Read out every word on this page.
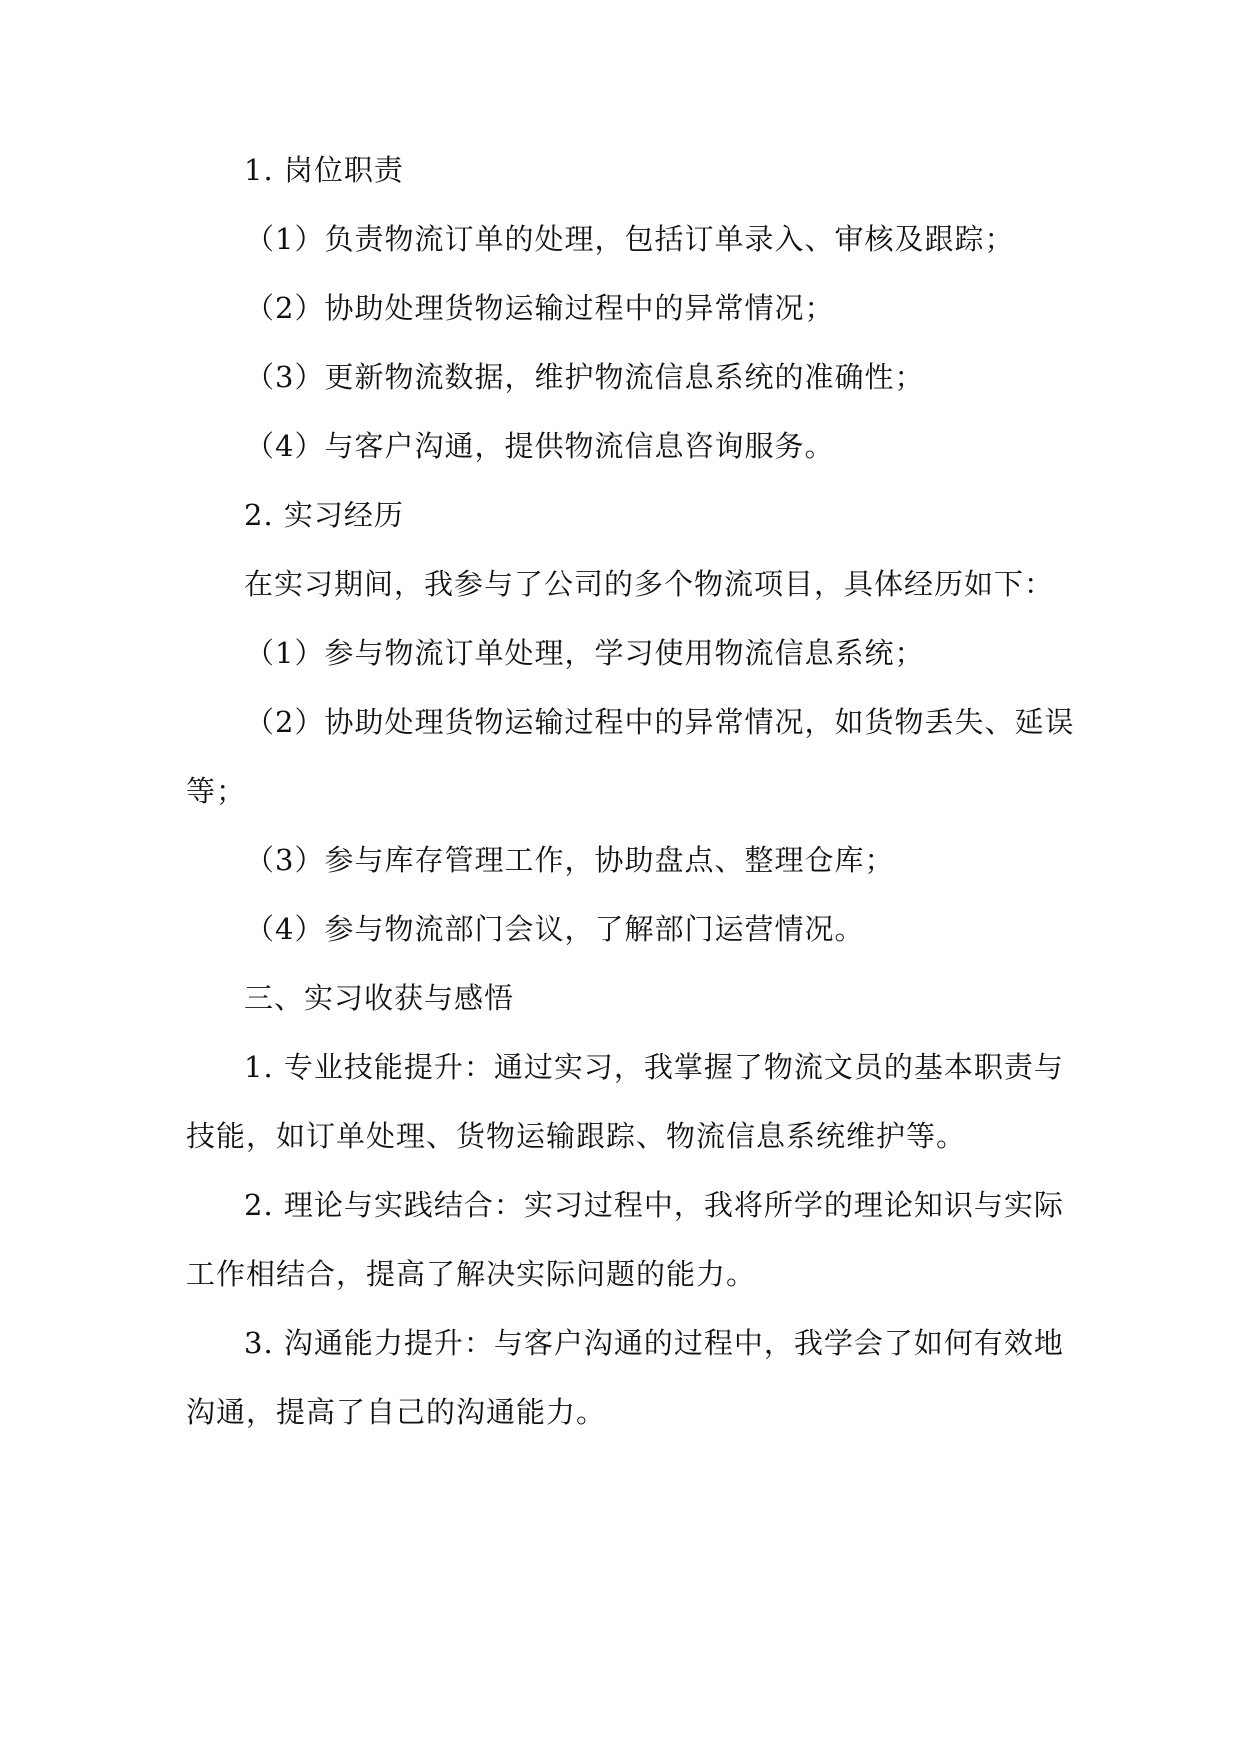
1. 岗位职责
（1）负责物流订单的处理，包括订单录入、审核及跟踪；
（2）协助处理货物运输过程中的异常情况；
（3）更新物流数据，维护物流信息系统的准确性；
（4）与客户沟通，提供物流信息咨询服务。
2. 实习经历
在实习期间，我参与了公司的多个物流项目，具体经历如下：
（1）参与物流订单处理，学习使用物流信息系统；
（2）协助处理货物运输过程中的异常情况，如货物丢失、延误
等；
（3）参与库存管理工作，协助盘点、整理仓库；
（4）参与物流部门会议，了解部门运营情况。
三、实习收获与感悟
1. 专业技能提升：通过实习，我掌握了物流文员的基本职责与
技能，如订单处理、货物运输跟踪、物流信息系统维护等。
2. 理论与实践结合：实习过程中，我将所学的理论知识与实际
工作相结合，提高了解决实际问题的能力。
3. 沟通能力提升：与客户沟通的过程中，我学会了如何有效地
沟通，提高了自己的沟通能力。
